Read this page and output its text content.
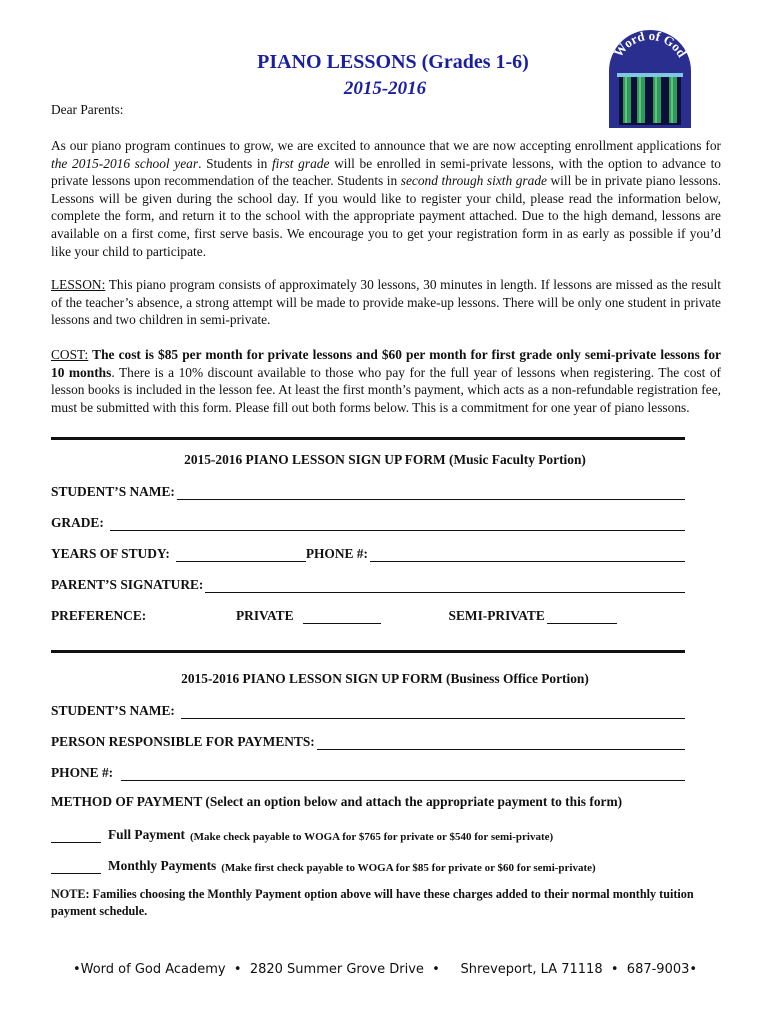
PIANO LESSONS (Grades 1-6)
2015-2016
Word of God
Dear Parents:
As our piano program continues to grow, we are excited to announce that we are now accepting enrollment applications for the 2015-2016 school year. Students in first grade will be enrolled in semi-private lessons, with the option to advance to private lessons upon recommendation of the teacher. Students in second through sixth grade will be in private piano lessons. Lessons will be given during the school day. If you would like to register your child, please read the information below, complete the form, and return it to the school with the appropriate payment attached. Due to the high demand, lessons are available on a first come, first serve basis. We encourage you to get your registration form in as early as possible if you’d like your child to participate.
LESSON: This piano program consists of approximately 30 lessons, 30 minutes in length. If lessons are missed as the result of the teacher’s absence, a strong attempt will be made to provide make-up lessons. There will be only one student in private lessons and two children in semi-private.
COST: The cost is $85 per month for private lessons and $60 per month for first grade only semi-private lessons for 10 months. There is a 10% discount available to those who pay for the full year of lessons when registering. The cost of lesson books is included in the lesson fee. At least the first month’s payment, which acts as a non-refundable registration fee, must be submitted with this form. Please fill out both forms below. This is a commitment for one year of piano lessons.
2015-2016 PIANO LESSON SIGN UP FORM (Music Faculty Portion)
STUDENT’S NAME:
GRADE:
YEARS OF STUDY:	PHONE #:
PARENT’S SIGNATURE:
PREFERENCE:	PRIVATE	SEMI-PRIVATE
2015-2016 PIANO LESSON SIGN UP FORM (Business Office Portion)
STUDENT’S NAME:
PERSON RESPONSIBLE FOR PAYMENTS:
PHONE #:
METHOD OF PAYMENT (Select an option below and attach the appropriate payment to this form)
Full Payment (Make check payable to WOGA for $765 for private or $540 for semi-private)
Monthly Payments (Make first check payable to WOGA for $85 for private or $60 for semi-private)
NOTE: Families choosing the Monthly Payment option above will have these charges added to their normal monthly tuition payment schedule.
•Word of God Academy  •  2820 Summer Grove Drive  •     Shreveport, LA 71118  •  687-9003•
